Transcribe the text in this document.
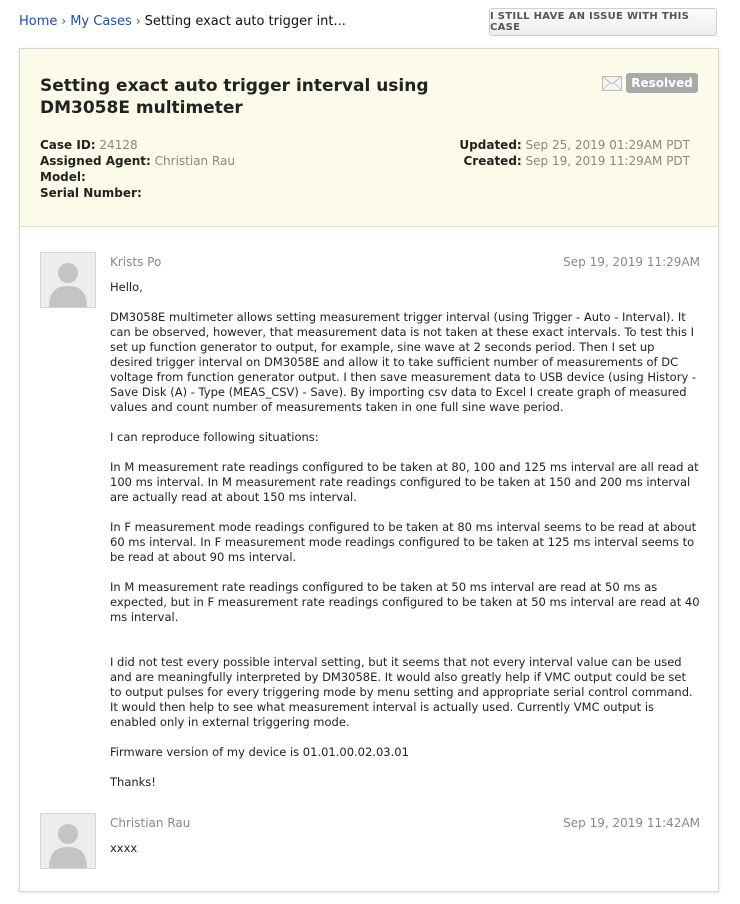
Home › My Cases › Setting exact auto trigger int...	I STILL HAVE AN ISSUE WITH THIS CASE
Setting exact auto trigger interval using DM3058E multimeter
Resolved
Case ID: 24128
Assigned Agent: Christian Rau
Model:
Serial Number:
Updated: Sep 25, 2019 01:29AM PDT
Created: Sep 19, 2019 11:29AM PDT
Krists Po	Sep 19, 2019 11:29AM

Hello,

DM3058E multimeter allows setting measurement trigger interval (using Trigger - Auto - Interval). It can be observed, however, that measurement data is not taken at these exact intervals. To test this I set up function generator to output, for example, sine wave at 2 seconds period. Then I set up desired trigger interval on DM3058E and allow it to take sufficient number of measurements of DC voltage from function generator output. I then save measurement data to USB device (using History - Save Disk (A) - Type (MEAS_CSV) - Save). By importing csv data to Excel I create graph of measured values and count number of measurements taken in one full sine wave period.

I can reproduce following situations:

In M measurement rate readings configured to be taken at 80, 100 and 125 ms interval are all read at 100 ms interval. In M measurement rate readings configured to be taken at 150 and 200 ms interval are actually read at about 150 ms interval.

In F measurement mode readings configured to be taken at 80 ms interval seems to be read at about 60 ms interval. In F measurement mode readings configured to be taken at 125 ms interval seems to be read at about 90 ms interval.

In M measurement rate readings configured to be taken at 50 ms interval are read at 50 ms as expected, but in F measurement rate readings configured to be taken at 50 ms interval are read at 40 ms interval.

I did not test every possible interval setting, but it seems that not every interval value can be used and are meaningfully interpreted by DM3058E. It would also greatly help if VMC output could be set to output pulses for every triggering mode by menu setting and appropriate serial control command. It would then help to see what measurement interval is actually used. Currently VMC output is enabled only in external triggering mode.

Firmware version of my device is 01.01.00.02.03.01

Thanks!

Christian Rau	Sep 19, 2019 11:42AM

xxxx
